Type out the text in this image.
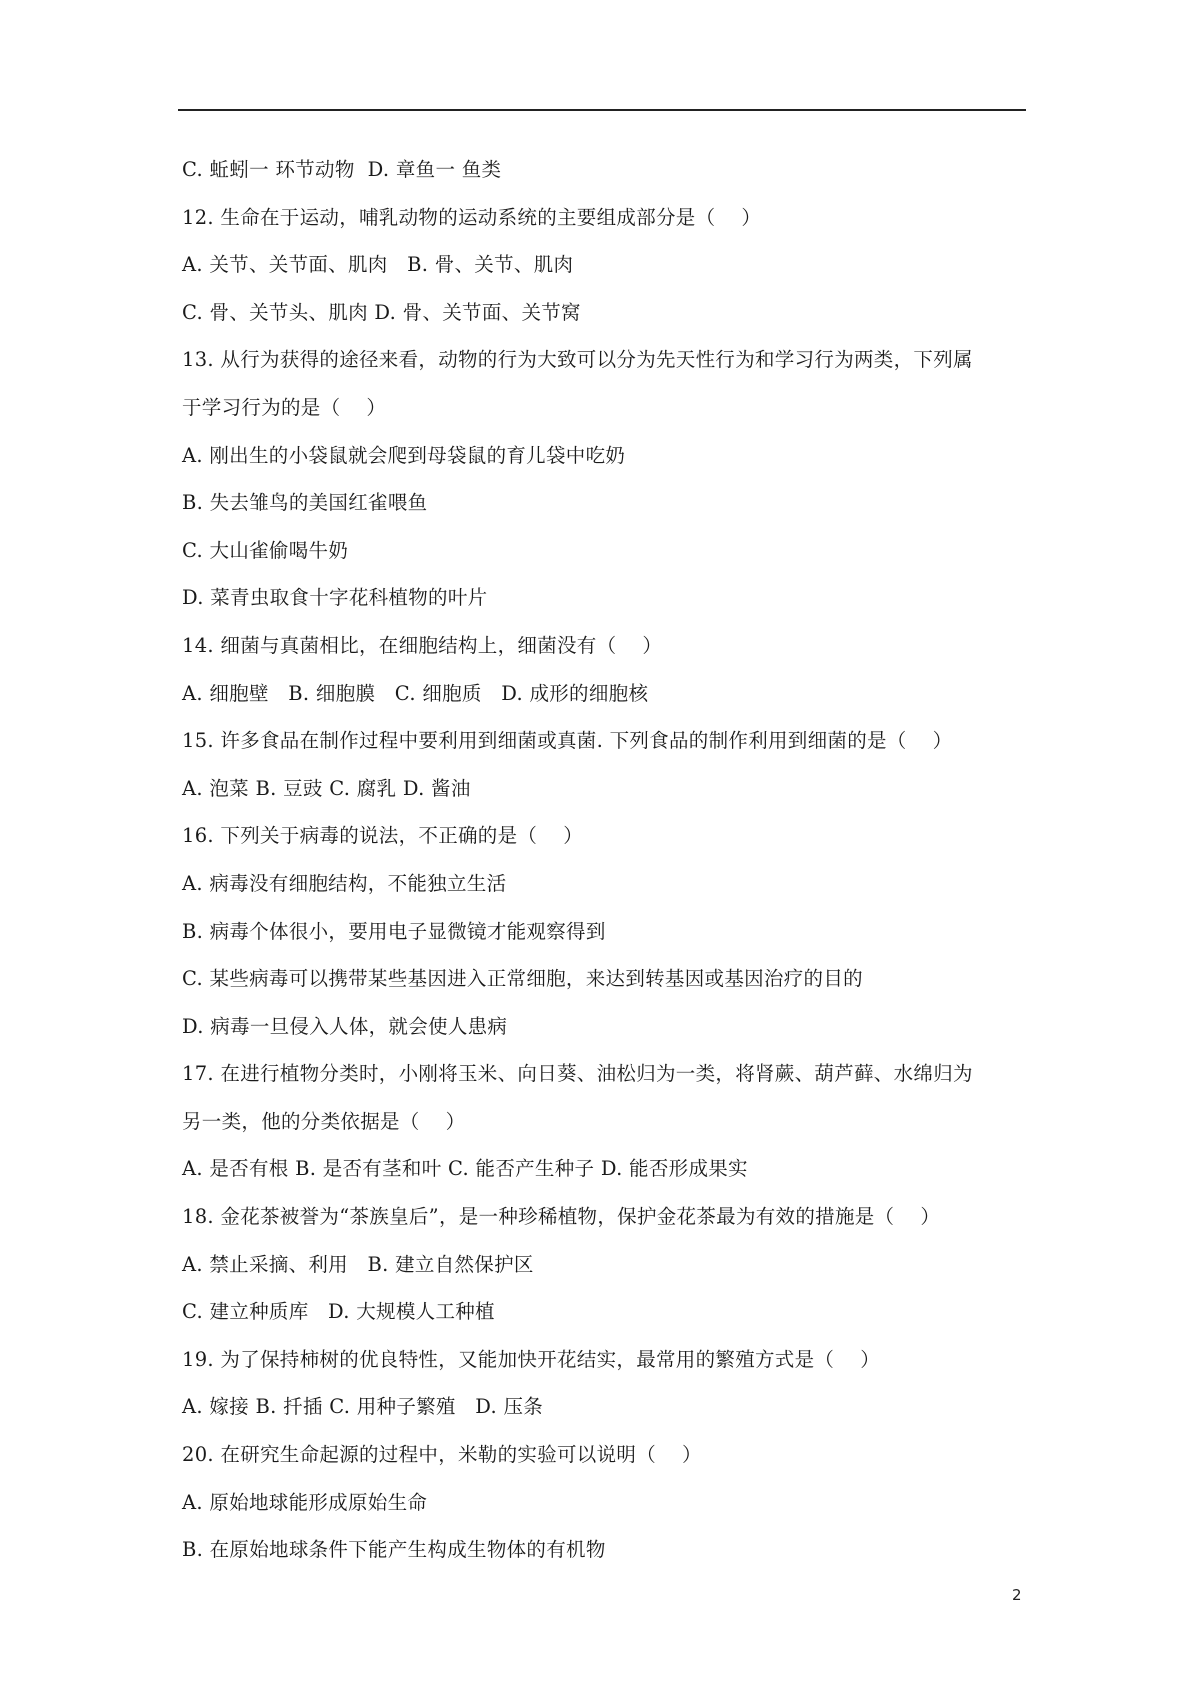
C. 蚯蚓一 环节动物  D. 章鱼一 鱼类
12. 生命在于运动，哺乳动物的运动系统的主要组成部分是（    ）
A. 关节、关节面、肌肉   B. 骨、关节、肌肉
C. 骨、关节头、肌肉 D. 骨、关节面、关节窝
13. 从行为获得的途径来看，动物的行为大致可以分为先天性行为和学习行为两类，下列属
于学习行为的是（    ）
A. 刚出生的小袋鼠就会爬到母袋鼠的育儿袋中吃奶
B. 失去雏鸟的美国红雀喂鱼
C. 大山雀偷喝牛奶
D. 菜青虫取食十字花科植物的叶片
14. 细菌与真菌相比，在细胞结构上，细菌没有（    ）
A. 细胞壁   B. 细胞膜   C. 细胞质   D. 成形的细胞核
15. 许多食品在制作过程中要利用到细菌或真菌. 下列食品的制作利用到细菌的是（    ）
A. 泡菜 B. 豆豉 C. 腐乳 D. 酱油
16. 下列关于病毒的说法，不正确的是（    ）
A. 病毒没有细胞结构，不能独立生活
B. 病毒个体很小，要用电子显微镜才能观察得到
C. 某些病毒可以携带某些基因进入正常细胞，来达到转基因或基因治疗的目的
D. 病毒一旦侵入人体，就会使人患病
17. 在进行植物分类时，小刚将玉米、向日葵、油松归为一类，将肾蕨、葫芦藓、水绵归为
另一类，他的分类依据是（    ）
A. 是否有根 B. 是否有茎和叶 C. 能否产生种子 D. 能否形成果实
18. 金花茶被誉为“茶族皇后”，是一种珍稀植物，保护金花茶最为有效的措施是（    ）
A. 禁止采摘、利用   B. 建立自然保护区
C. 建立种质库   D. 大规模人工种植
19. 为了保持柿树的优良特性，又能加快开花结实，最常用的繁殖方式是（    ）
A. 嫁接 B. 扦插 C. 用种子繁殖   D. 压条
20. 在研究生命起源的过程中，米勒的实验可以说明（    ）
A. 原始地球能形成原始生命
B. 在原始地球条件下能产生构成生物体的有机物
2
